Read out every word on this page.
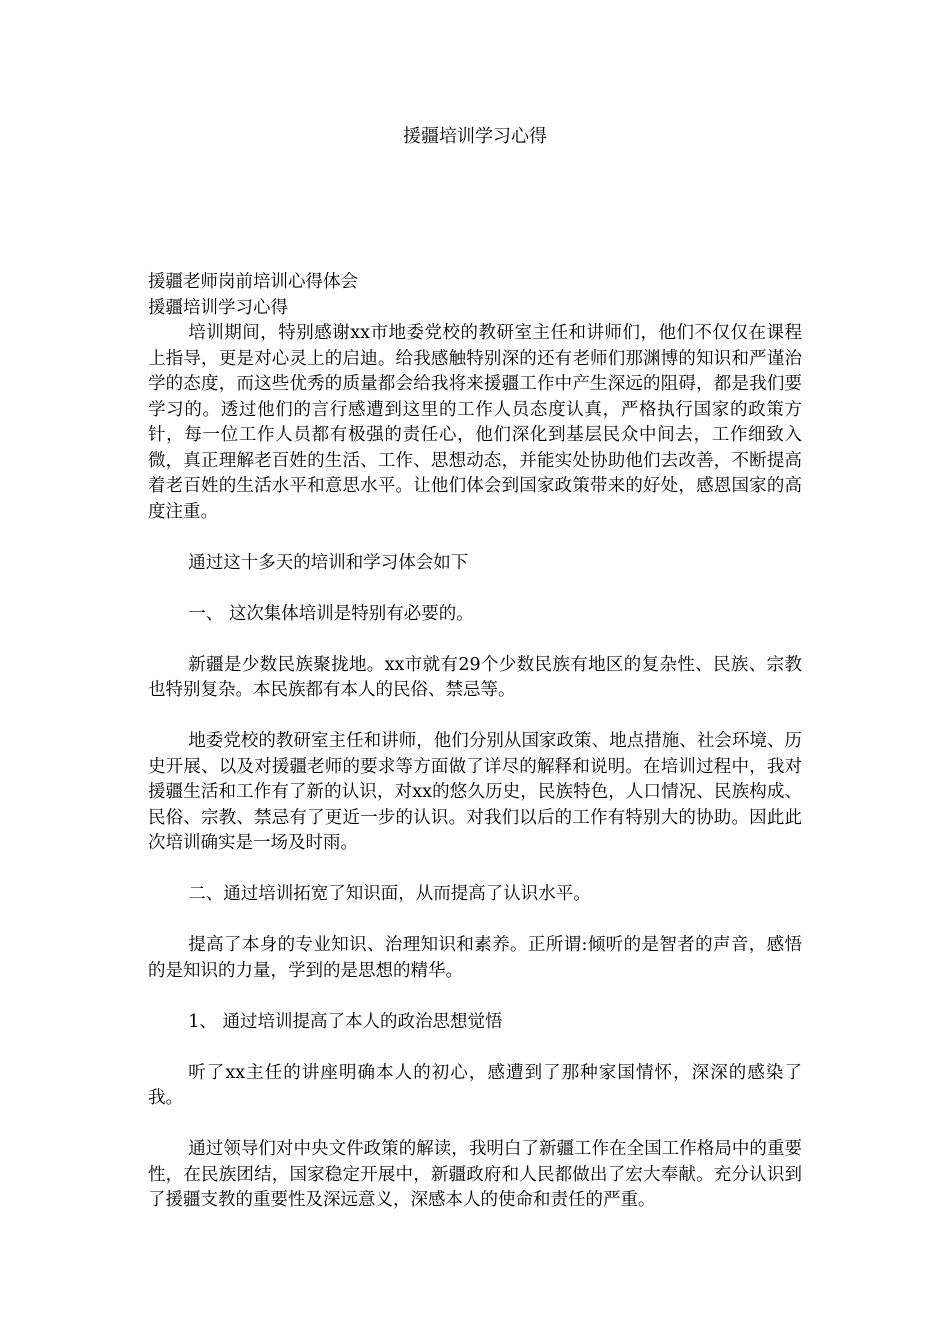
援疆培训学习心得

援疆老师岗前培训心得体会

援疆培训学习心得

培训期间，特别感谢xx市地委党校的教研室主任和讲师们，他们不仅仅在课程上指导，更是对心灵上的启迪。给我感触特别深的还有老师们那渊博的知识和严谨治学的态度，而这些优秀的质量都会给我将来援疆工作中产生深远的阻碍，都是我们要学习的。透过他们的言行感遭到这里的工作人员态度认真，严格执行国家的政策方针，每一位工作人员都有极强的责任心，他们深化到基层民众中间去，工作细致入微，真正理解老百姓的生活、工作、思想动态，并能实处协助他们去改善，不断提高着老百姓的生活水平和意思水平。让他们体会到国家政策带来的好处，感恩国家的高度注重。

通过这十多天的培训和学习体会如下

一、 这次集体培训是特别有必要的。

新疆是少数民族聚拢地。xx市就有29个少数民族有地区的复杂性、民族、宗教也特别复杂。本民族都有本人的民俗、禁忌等。

地委党校的教研室主任和讲师，他们分别从国家政策、地点措施、社会环境、历史开展、以及对援疆老师的要求等方面做了详尽的解释和说明。在培训过程中，我对援疆生活和工作有了新的认识，对xx的悠久历史，民族特色，人口情况、民族构成、民俗、宗教、禁忌有了更近一步的认识。对我们以后的工作有特别大的协助。因此此次培训确实是一场及时雨。

二、通过培训拓宽了知识面，从而提高了认识水平。

提高了本身的专业知识、治理知识和素养。正所谓:倾听的是智者的声音，感悟的是知识的力量，学到的是思想的精华。

1、 通过培训提高了本人的政治思想觉悟

听了xx主任的讲座明确本人的初心，感遭到了那种家国情怀，深深的感染了我。

通过领导们对中央文件政策的解读，我明白了新疆工作在全国工作格局中的重要性，在民族团结，国家稳定开展中，新疆政府和人民都做出了宏大奉献。充分认识到了援疆支教的重要性及深远意义，深感本人的使命和责任的严重。
